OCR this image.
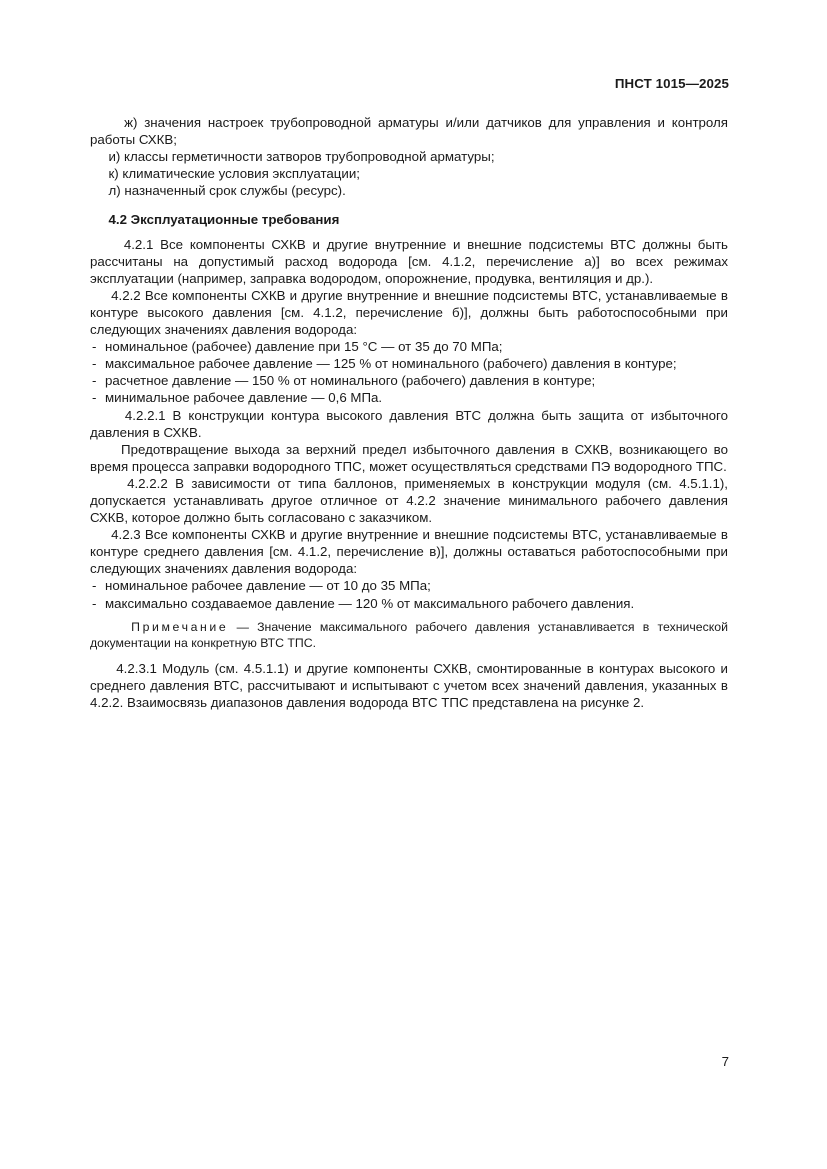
ПНСТ 1015—2025

ж) значения настроек трубопроводной арматуры и/или датчиков для управления и контроля работы СХКВ;

и) классы герметичности затворов трубопроводной арматуры;

к) климатические условия эксплуатации;

л) назначенный срок службы (ресурс).

4.2 Эксплуатационные требования

4.2.1 Все компоненты СХКВ и другие внутренние и внешние подсистемы ВТС должны быть рассчитаны на допустимый расход водорода [см. 4.1.2, перечисление а)] во всех режимах эксплуатации (например, заправка водородом, опорожнение, продувка, вентиляция и др.).

4.2.2 Все компоненты СХКВ и другие внутренние и внешние подсистемы ВТС, устанавливаемые в контуре высокого давления [см. 4.1.2, перечисление б)], должны быть работоспособными при следующих значениях давления водорода:

- номинальное (рабочее) давление при 15 °С — от 35 до 70 МПа;
- максимальное рабочее давление — 125 % от номинального (рабочего) давления в контуре;
- расчетное давление — 150 % от номинального (рабочего) давления в контуре;
- минимальное рабочее давление — 0,6 МПа.

4.2.2.1 В конструкции контура высокого давления ВТС должна быть защита от избыточного давления в СХКВ.

Предотвращение выхода за верхний предел избыточного давления в СХКВ, возникающего во время процесса заправки водородного ТПС, может осуществляться средствами ПЭ водородного ТПС.

4.2.2.2 В зависимости от типа баллонов, применяемых в конструкции модуля (см. 4.5.1.1), допускается устанавливать другое отличное от 4.2.2 значение минимального рабочего давления СХКВ, которое должно быть согласовано с заказчиком.

4.2.3 Все компоненты СХКВ и другие внутренние и внешние подсистемы ВТС, устанавливаемые в контуре среднего давления [см. 4.1.2, перечисление в)], должны оставаться работоспособными при следующих значениях давления водорода:

- номинальное рабочее давление — от 10 до 35 МПа;
- максимально создаваемое давление — 120 % от максимального рабочего давления.

Примечание — Значение максимального рабочего давления устанавливается в технической документации на конкретную ВТС ТПС.

4.2.3.1 Модуль (см. 4.5.1.1) и другие компоненты СХКВ, смонтированные в контурах высокого и среднего давления ВТС, рассчитывают и испытывают с учетом всех значений давления, указанных в 4.2.2. Взаимосвязь диапазонов давления водорода ВТС ТПС представлена на рисунке 2.

7
